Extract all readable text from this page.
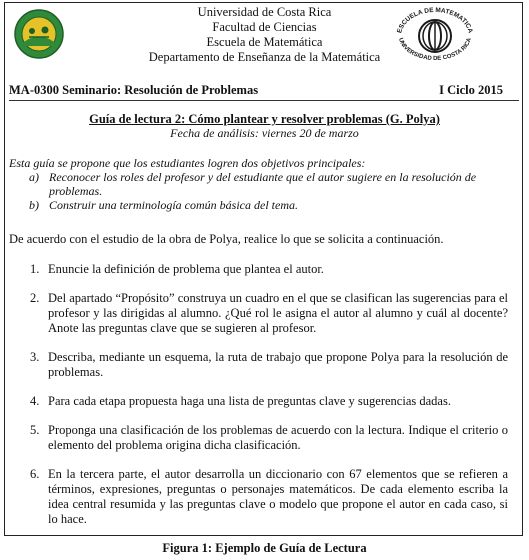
ESCUELA DE MATEMATICA
UNIVERSIDAD DE COSTA RICA
Universidad de Costa Rica
Facultad de Ciencias
Escuela de Matemática
Departamento de Enseñanza de la Matemática
MA-0300 Seminario: Resolución de Problemas	I Ciclo 2015
Guía de lectura 2: Cómo plantear y resolver problemas (G. Polya)
Fecha de análisis: viernes 20 de marzo
Esta guía se propone que los estudiantes logren dos objetivos principales:
a) Reconocer los roles del profesor y del estudiante que el autor sugiere en la resolución de problemas.
b) Construir una terminología común básica del tema.
De acuerdo con el estudio de la obra de Polya, realice lo que se solicita a continuación.
1. Enuncie la definición de problema que plantea el autor.
2. Del apartado “Propósito” construya un cuadro en el que se clasifican las sugerencias para el profesor y las dirigidas al alumno. ¿Qué rol le asigna el autor al alumno y cuál al docente? Anote las preguntas clave que se sugieren al profesor.
3. Describa, mediante un esquema, la ruta de trabajo que propone Polya para la resolución de problemas.
4. Para cada etapa propuesta haga una lista de preguntas clave y sugerencias dadas.
5. Proponga una clasificación de los problemas de acuerdo con la lectura. Indique el criterio o elemento del problema origina dicha clasificación.
6. En la tercera parte, el autor desarrolla un diccionario con 67 elementos que se refieren a términos, expresiones, preguntas o personajes matemáticos. De cada elemento escriba la idea central resumida y las preguntas clave o modelo que propone el autor en cada caso, si lo hace.
Figura 1: Ejemplo de Guía de Lectura
